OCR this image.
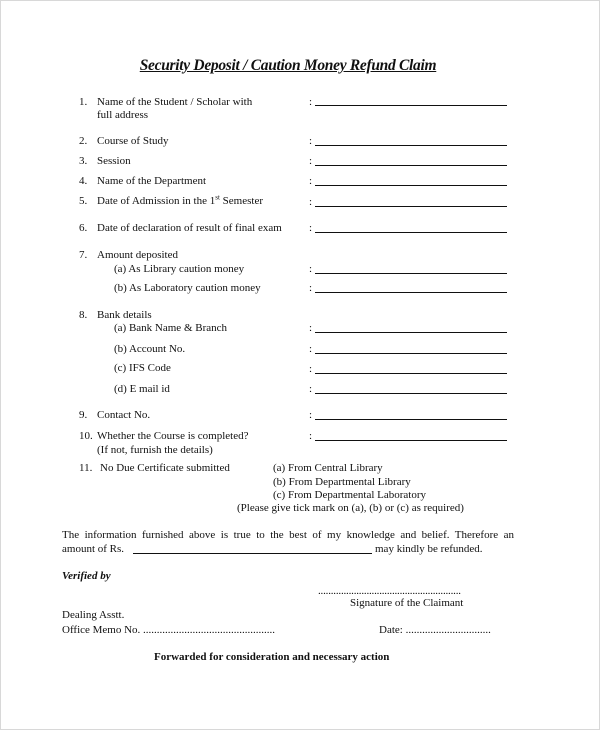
Security Deposit / Caution Money Refund Claim
1. Name of the Student / Scholar with
full address
:
2. Course of Study	:
3. Session	:
4. Name of the Department	:
5. Date of Admission in the 1st Semester	:
6. Date of declaration of result of final exam :
7. Amount deposited
(a) As Library caution money	:
(b) As Laboratory caution money	:
8. Bank details
(a) Bank Name & Branch	:
(b) Account No.	:
(c) IFS Code	:
(d) E mail id	:
9. Contact No.	:
10. Whether the Course is completed?
(If not, furnish the details)
:
11. No Due Certificate submitted	(a) From Central Library
(b) From Departmental Library
(c) From Departmental Laboratory
(Please give tick mark on (a), (b) or (c) as required)
The information furnished above is true to the best of my knowledge and belief. Therefore an
amount of Rs.	may kindly be refunded.
Verified by
........................................................
Signature of the Claimant
Dealing Asstt.
Office Memo No. ................................................	Date: ...............................
Forwarded for consideration and necessary action
